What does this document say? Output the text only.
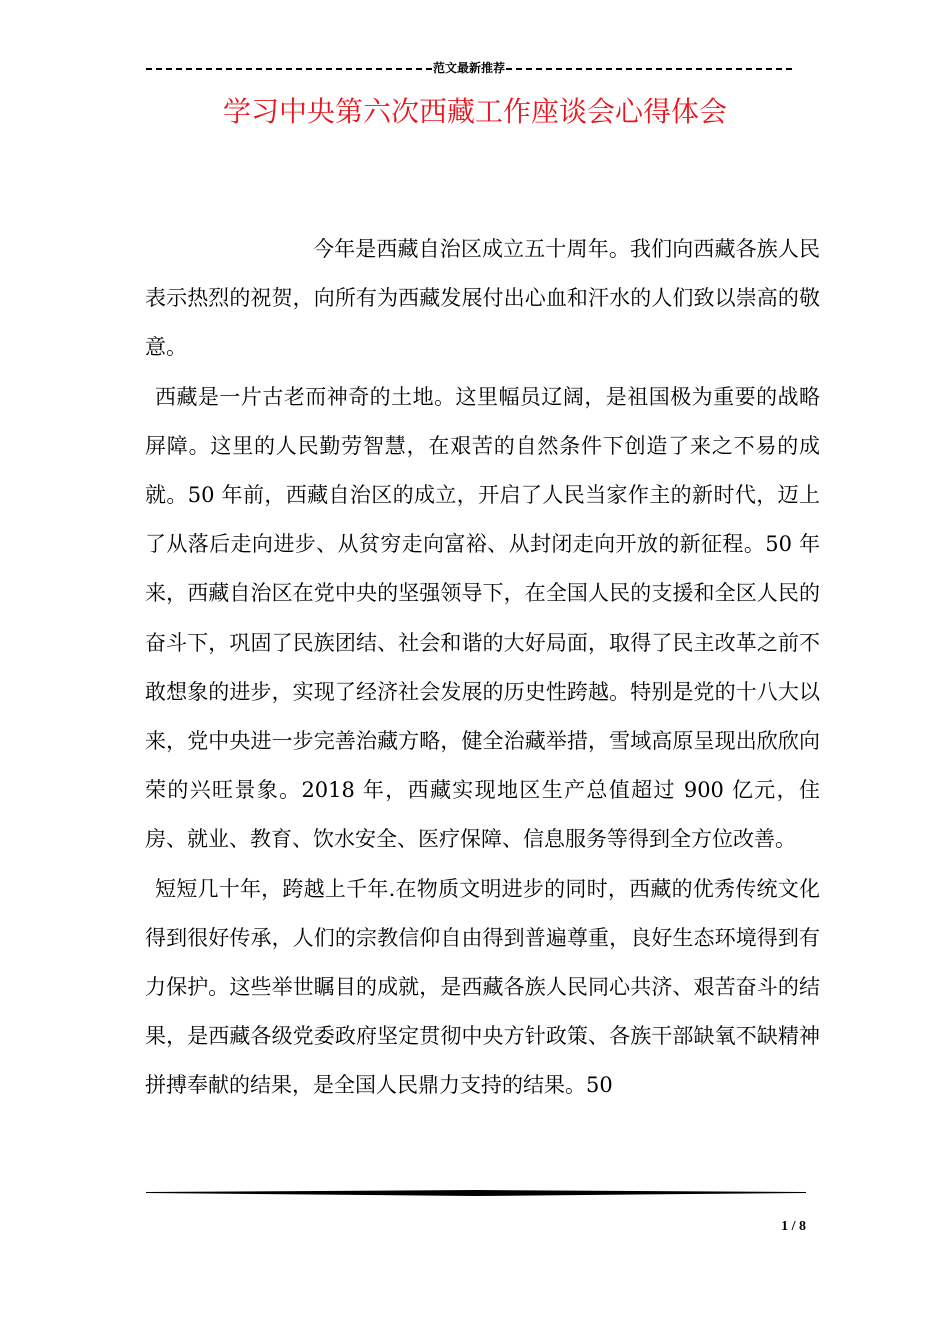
范文最新推荐
学习中央第六次西藏工作座谈会心得体会

今年是西藏自治区成立五十周年。我们向西藏各族人民表示热烈的祝贺，向所有为西藏发展付出心血和汗水的人们致以崇高的敬意。

西藏是一片古老而神奇的土地。这里幅员辽阔，是祖国极为重要的战略屏障。这里的人民勤劳智慧，在艰苦的自然条件下创造了来之不易的成就。50 年前，西藏自治区的成立，开启了人民当家作主的新时代，迈上了从落后走向进步、从贫穷走向富裕、从封闭走向开放的新征程。50 年来，西藏自治区在党中央的坚强领导下，在全国人民的支援和全区人民的奋斗下，巩固了民族团结、社会和谐的大好局面，取得了民主改革之前不敢想象的进步，实现了经济社会发展的历史性跨越。特别是党的十八大以来，党中央进一步完善治藏方略，健全治藏举措，雪域高原呈现出欣欣向荣的兴旺景象。2018 年，西藏实现地区生产总值超过 900 亿元，住房、就业、教育、饮水安全、医疗保障、信息服务等得到全方位改善。

短短几十年，跨越上千年.在物质文明进步的同时，西藏的优秀传统文化得到很好传承，人们的宗教信仰自由得到普遍尊重，良好生态环境得到有力保护。这些举世瞩目的成就，是西藏各族人民同心共济、艰苦奋斗的结果，是西藏各级党委政府坚定贯彻中央方针政策、各族干部缺氧不缺精神拼搏奉献的结果，是全国人民鼎力支持的结果。50

1 / 8
